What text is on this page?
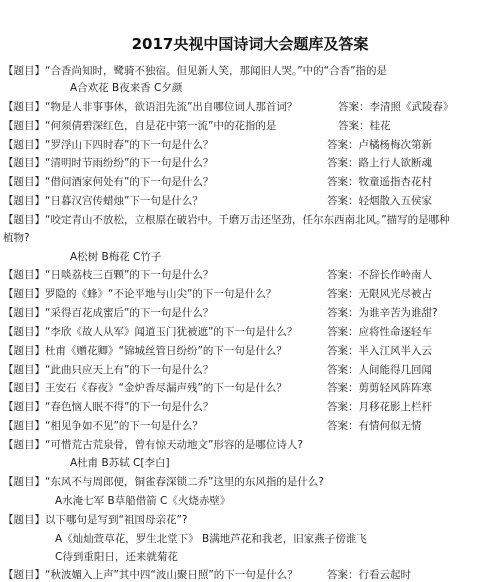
2017央视中国诗词大会题库及答案
【题目】“合香尚知时，鹭骑不独宿。但见新人笑，那闻旧人哭。”中的“合香”指的是
A合欢花 B夜来香 C夕颜
【题目】“物是人非事事休，欲语泪先流”出自哪位词人那首词？	答案：李清照《武陵春》
【题目】“何须倩碧深红色，自是花中第一流”中的花指的是	答案：桂花
【题目】“罗浮山下四时春”的下一句是什么？	答案：卢橘杨梅次第新
【题目】“清明时节雨纷纷”的下一句是什么？	答案：路上行人欲断魂
【题目】“借问酒家何处有”的下一句是什么？	答案：牧童遥指杏花村
【题目】“日暮汉宫传蜡烛”下一句是什么？	答案：轻烟散入五侯家
【题目】“咬定青山不放松，立根原在破岩中。千磨万击还坚劲，任尔东西南北风。”描写的是哪种
植物?
A松树 B梅花 C竹子
【题目】“日啖荔枝三百颗”的下一句是什么？	答案：不辞长作岭南人
【题目】罗隐的《蜂》“不论平地与山尖”的下一句是什么？	答案：无限风光尽被占
【题目】“采得百花成蜜后”的下一句是什么？	答案：为谁辛苦为谁甜?
【题目】“李欣《故人从军》闻道玉门犹被遮”的下一句是什么？	答案：应将性命逐轻车
【题目】杜甫《赠花卿》“锦城丝管日纷纷”的下一句是什么？	答案：半入江风半入云
【题目】“此曲只应天上有”的下一句是什么？	答案：人间能得几回闻
【题目】王安石《春夜》“金炉香尽漏声残”的下一句是什么？	答案：剪剪轻风阵阵寒
【题目】“春色恼人眠不得”的下一句是什么？	答案：月移花影上栏杆
【题目】“相见争如不见”的下一句是什么？	答案：有情何似无情
【题目】“可惜荒古荒泉骨，曾有惊天动地文”形容的是哪位诗人?
A杜甫 B苏轼 C[李白]
【题目】“东风不与周郎便，铜雀春深锁二乔”这里的东风指的是什么?
A水淹七军 B草船借箭 C《火烧赤壁》
【题目】以下哪句是写到“祖国母亲花”?
A《灿灿萱草花，罗生北堂下》 B满地芦花和我老，旧家燕子傍谁飞
C待到重阳日，还来就菊花
【题目】“秋波媚入上声”其中四“波山聚日照”的下一句是什么？	答案：行看云起时
